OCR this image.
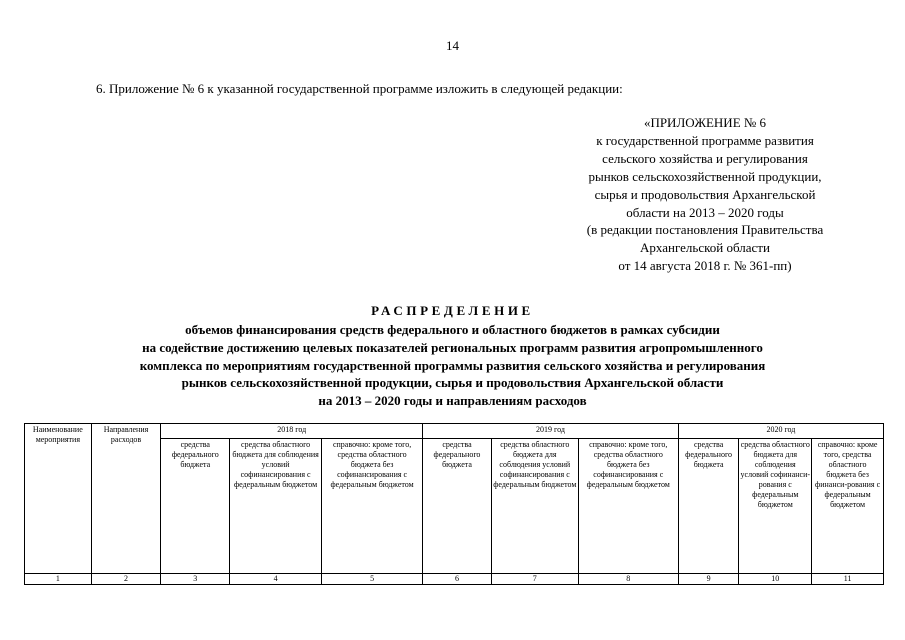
14
6. Приложение № 6 к указанной государственной программе изложить в следующей редакции:
«ПРИЛОЖЕНИЕ № 6
к государственной программе развития
сельского хозяйства и регулирования
рынков сельскохозяйственной продукции,
сырья и продовольствия Архангельской
области на 2013 – 2020 годы
(в редакции постановления Правительства
Архангельской области
от 14 августа 2018 г. № 361-пп)
РАСПРЕДЕЛЕНИЕ
объемов финансирования средств федерального и областного бюджетов в рамках субсидии
на содействие достижению целевых показателей региональных программ развития агропромышленного
комплекса по мероприятиям государственной программы развития сельского хозяйства и регулирования
рынков сельскохозяйственной продукции, сырья и продовольствия Архангельской области
на 2013 – 2020 годы и направлениям расходов
Наименование мероприятия	Направления расходов	2018 год			2019 год			2020 год		
		средства федерального бюджета	средства областного бюджета для соблюдения условий софинансирования с федеральным бюджетом	справочно: кроме того, средства областного бюджета без софинансирования с федеральным бюджетом	средства федерального бюджета	средства областного бюджета для соблюдения условий софинансирования с федеральным бюджетом	справочно: кроме того, средства областного бюджета без софинансирования с федеральным бюджетом	средства федерального бюджета	средства областного бюджета для соблюдения условий софинанси-рования с федеральным бюджетом	справочно: кроме того, средства областного бюджета без финанси-рования с федеральным бюджетом
1	2	3	4	5	6	7	8	9	10	11
